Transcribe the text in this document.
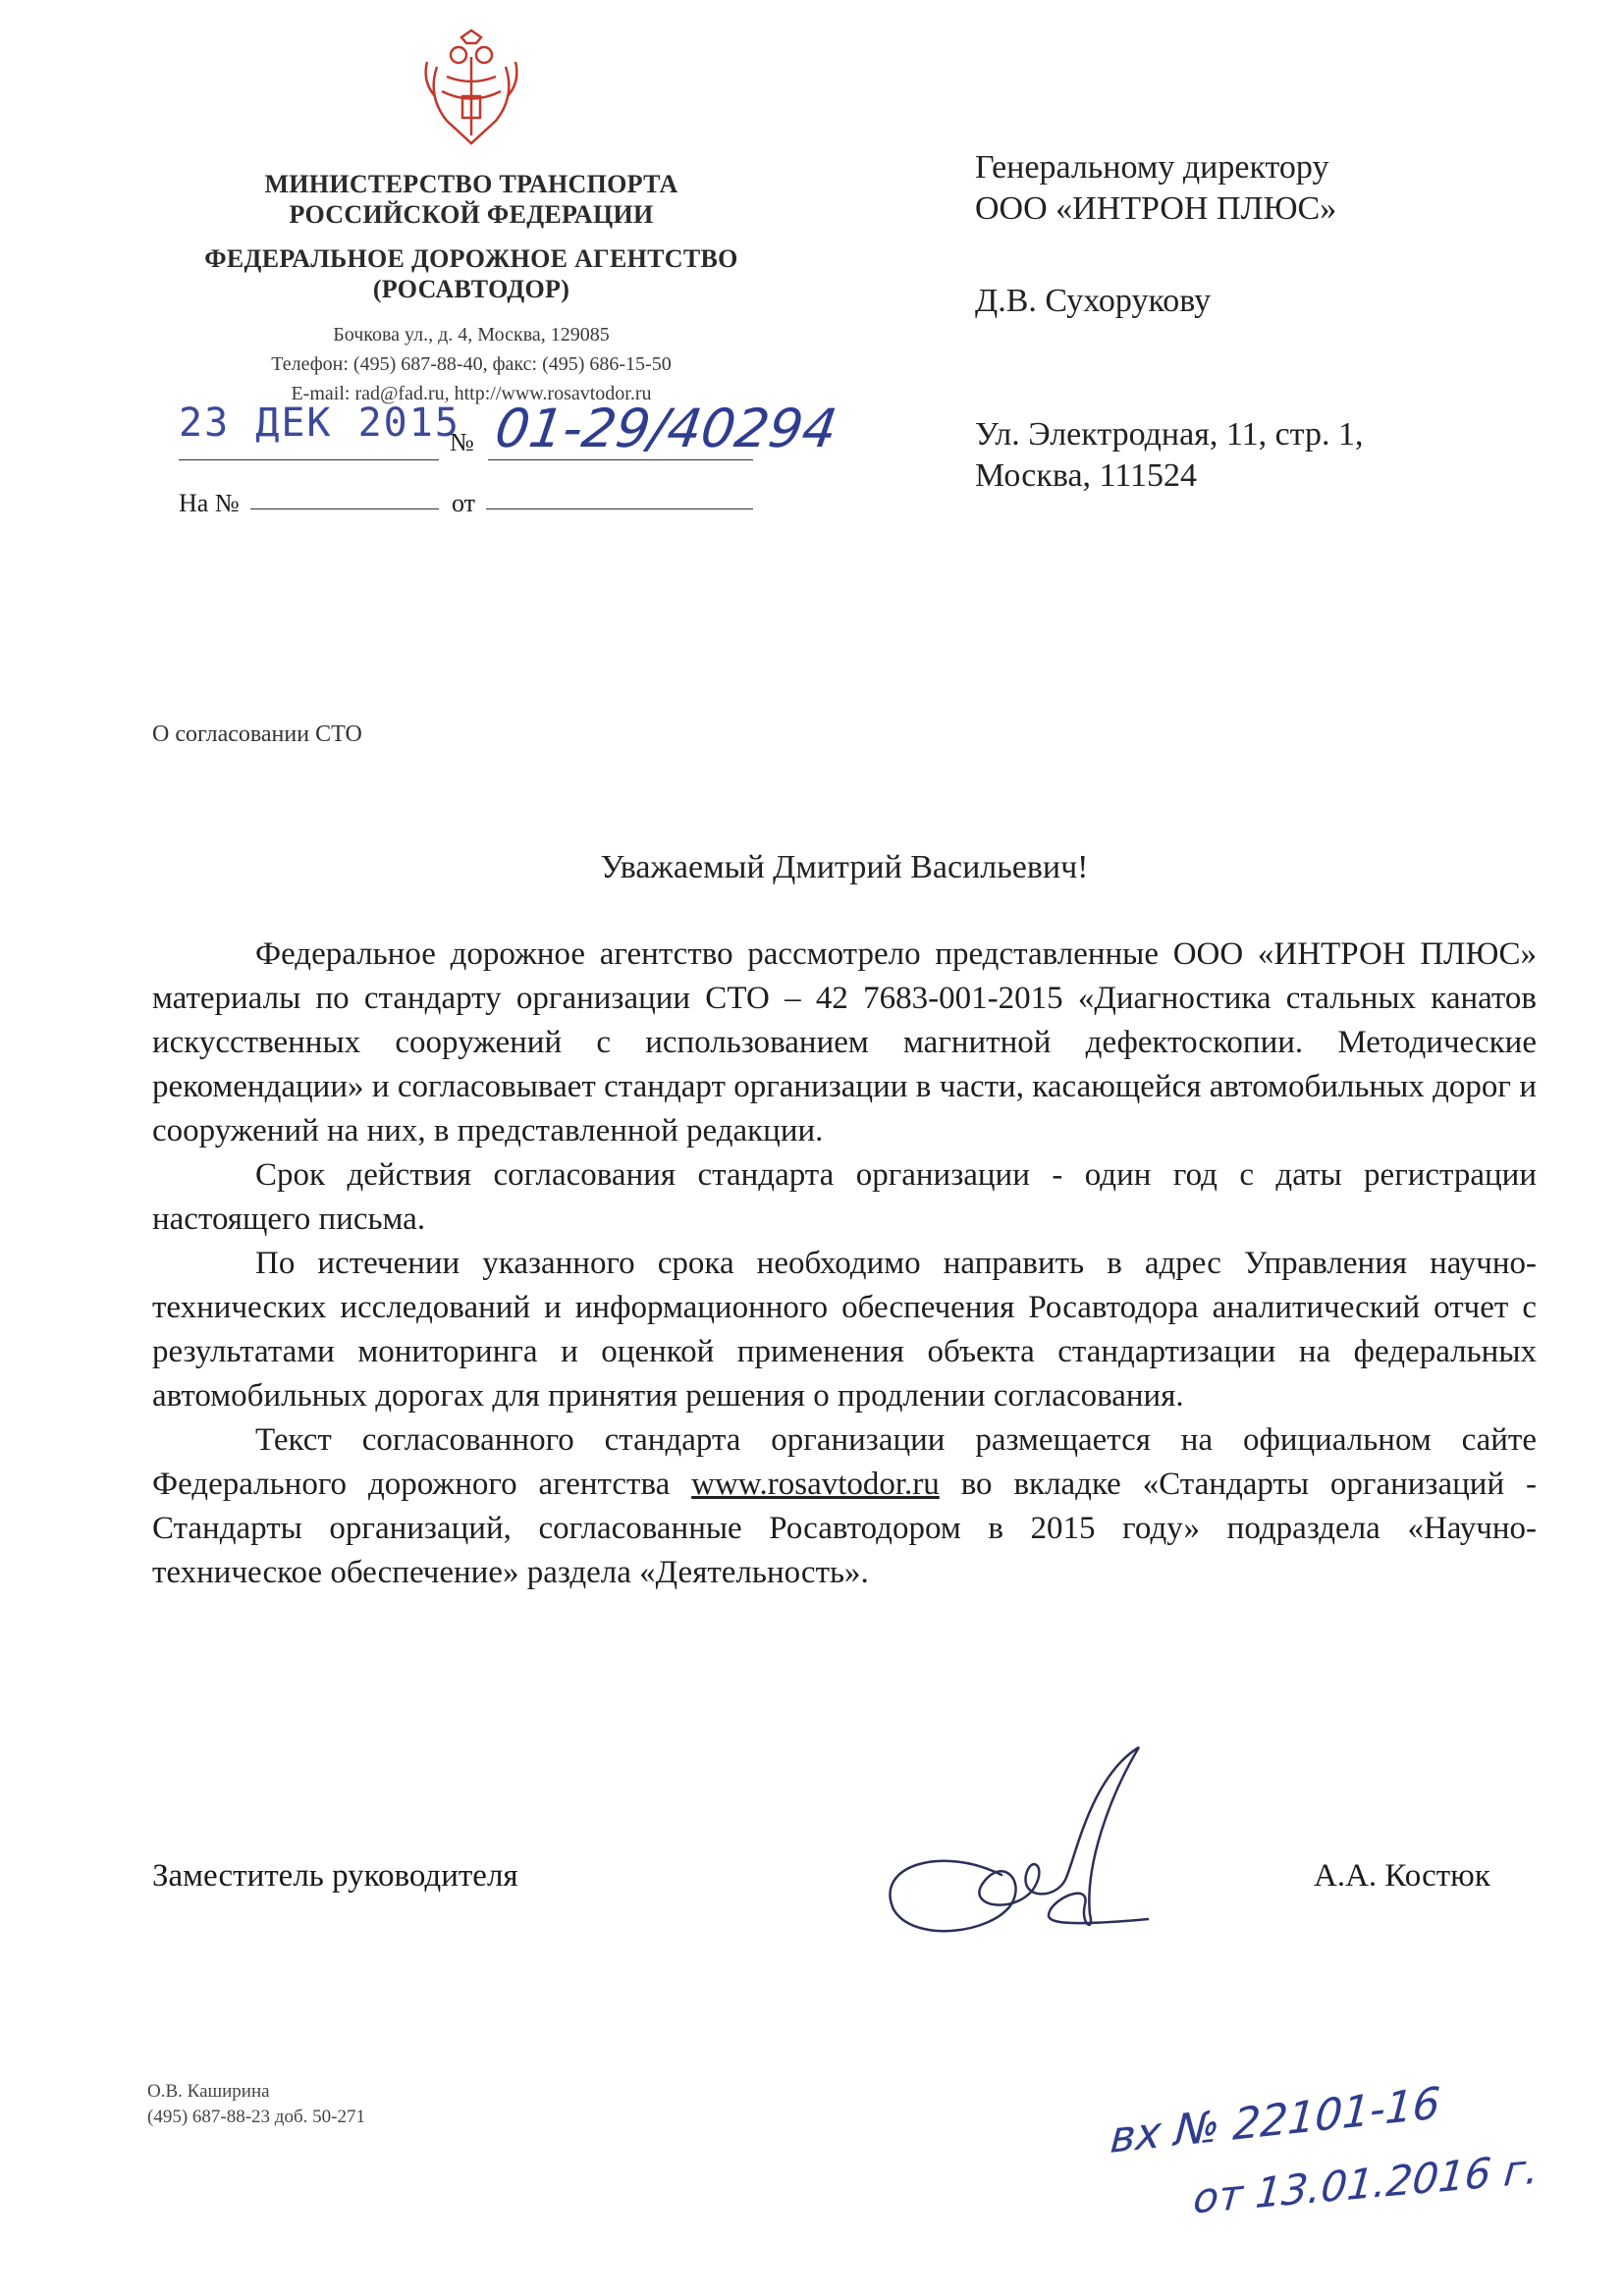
МИНИСТЕРСТВО ТРАНСПОРТА
РОССИЙСКОЙ ФЕДЕРАЦИИ
ФЕДЕРАЛЬНОЕ ДОРОЖНОЕ АГЕНТСТВО
(РОСАВТОДОР)
Бочкова ул., д. 4, Москва, 129085
Телефон: (495) 687-88-40, факс: (495) 686-15-50
E-mail: rad@fad.ru, http://www.rosavtodor.ru
23 ДЕК 2015
№ 01-29/40294
На №	от
Генеральному директору
ООО «ИНТРОН ПЛЮС»
Д.В. Сухорукову
Ул. Электродная, 11, стр. 1,
Москва, 111524
О согласовании СТО
Уважаемый Дмитрий Васильевич!

Федеральное дорожное агентство рассмотрело представленные ООО «ИНТРОН ПЛЮС» материалы по стандарту организации СТО – 42 7683-001-2015 «Диагностика стальных канатов искусственных сооружений с использованием магнитной дефектоскопии. Методические рекомендации» и согласовывает стандарт организации в части, касающейся автомобильных дорог и сооружений на них, в представленной редакции.

Срок действия согласования стандарта организации - один год с даты регистрации настоящего письма.

По истечении указанного срока необходимо направить в адрес Управления научно-технических исследований и информационного обеспечения Росавтодора аналитический отчет с результатами мониторинга и оценкой применения объекта стандартизации на федеральных автомобильных дорогах для принятия решения о продлении согласования.

Текст согласованного стандарта организации размещается на официальном сайте Федерального дорожного агентства www.rosavtodor.ru во вкладке «Стандарты организаций - Стандарты организаций, согласованные Росавтодором в 2015 году» подраздела «Научно-техническое обеспечение» раздела «Деятельность».

Заместитель руководителя	А.А. Костюк
О.В. Каширина
(495) 687-88-23 доб. 50-271	вх № 22101-16
от 13.01.2016 г.
